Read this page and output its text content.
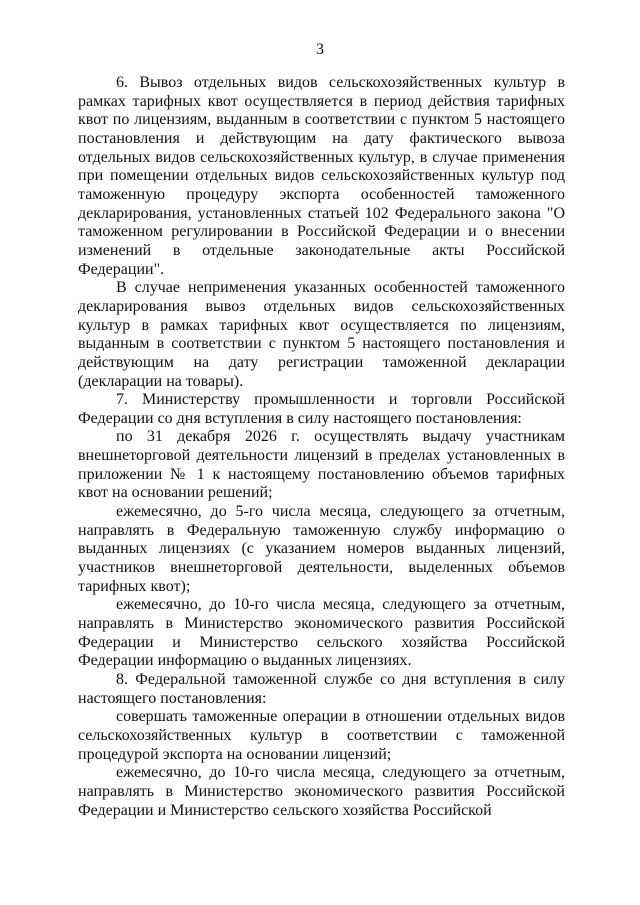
3

6. Вывоз отдельных видов сельскохозяйственных культур в рамках тарифных квот осуществляется в период действия тарифных квот по лицензиям, выданным в соответствии с пунктом 5 настоящего постановления и действующим на дату фактического вывоза отдельных видов сельскохозяйственных культур, в случае применения при помещении отдельных видов сельскохозяйственных культур под таможенную процедуру экспорта особенностей таможенного декларирования, установленных статьей 102 Федерального закона "О таможенном регулировании в Российской Федерации и о внесении изменений в отдельные законодательные акты Российской Федерации".

В случае неприменения указанных особенностей таможенного декларирования вывоз отдельных видов сельскохозяйственных культур в рамках тарифных квот осуществляется по лицензиям, выданным в соответствии с пунктом 5 настоящего постановления и действующим на дату регистрации таможенной декларации (декларации на товары).

7. Министерству промышленности и торговли Российской Федерации со дня вступления в силу настоящего постановления:

по 31 декабря 2026 г. осуществлять выдачу участникам внешнеторговой деятельности лицензий в пределах установленных в приложении № 1 к настоящему постановлению объемов тарифных квот на основании решений;

ежемесячно, до 5-го числа месяца, следующего за отчетным, направлять в Федеральную таможенную службу информацию о выданных лицензиях (с указанием номеров выданных лицензий, участников внешнеторговой деятельности, выделенных объемов тарифных квот);

ежемесячно, до 10-го числа месяца, следующего за отчетным, направлять в Министерство экономического развития Российской Федерации и Министерство сельского хозяйства Российской Федерации информацию о выданных лицензиях.

8. Федеральной таможенной службе со дня вступления в силу настоящего постановления:

совершать таможенные операции в отношении отдельных видов сельскохозяйственных культур в соответствии с таможенной процедурой экспорта на основании лицензий;

ежемесячно, до 10-го числа месяца, следующего за отчетным, направлять в Министерство экономического развития Российской Федерации и Министерство сельского хозяйства Российской
